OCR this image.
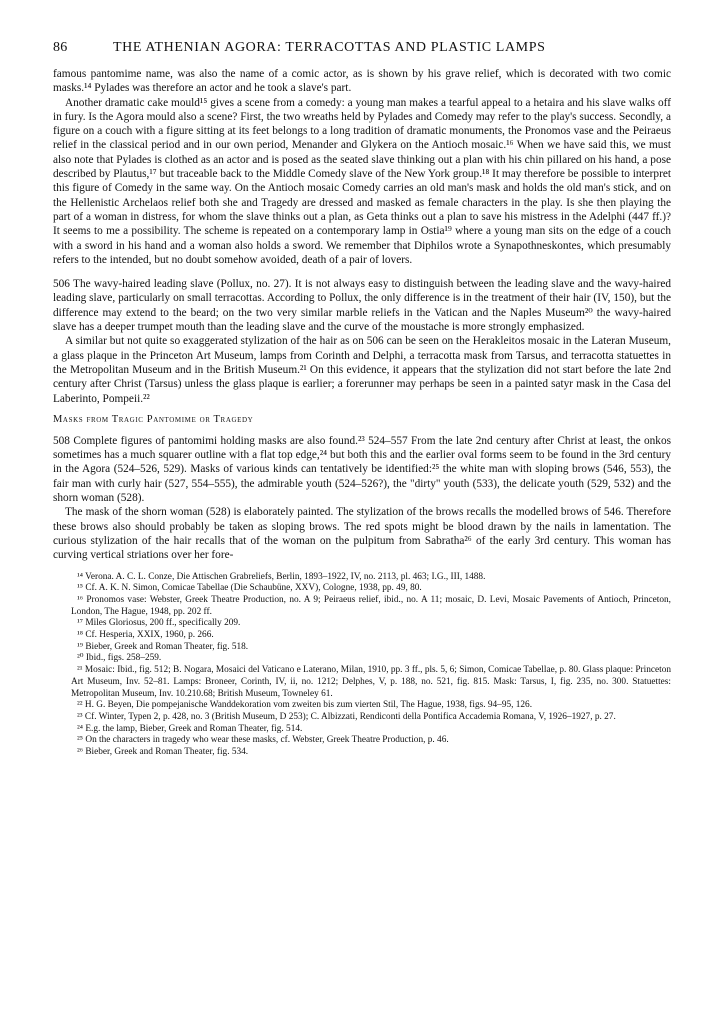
86	THE ATHENIAN AGORA: TERRACOTTAS AND PLASTIC LAMPS

famous pantomime name, was also the name of a comic actor, as is shown by his grave relief, which is decorated with two comic masks.¹⁴ Pylades was therefore an actor and he took a slave's part.

Another dramatic cake mould¹⁵ gives a scene from a comedy: a young man makes a tearful appeal to a hetaira and his slave walks off in fury. Is the Agora mould also a scene? First, the two wreaths held by Pylades and Comedy may refer to the play's success. Secondly, a figure on a couch with a figure sitting at its feet belongs to a long tradition of dramatic monuments, the Pronomos vase and the Peiraeus relief in the classical period and in our own period, Menander and Glykera on the Antioch mosaic.¹⁶ When we have said this, we must also note that Pylades is clothed as an actor and is posed as the seated slave thinking out a plan with his chin pillared on his hand, a pose described by Plautus,¹⁷ but traceable back to the Middle Comedy slave of the New York group.¹⁸ It may therefore be possible to interpret this figure of Comedy in the same way. On the Antioch mosaic Comedy carries an old man's mask and holds the old man's stick, and on the Hellenistic Archelaos relief both she and Tragedy are dressed and masked as female characters in the play. Is she then playing the part of a woman in distress, for whom the slave thinks out a plan, as Geta thinks out a plan to save his mistress in the Adelphi (447 ff.)? It seems to me a possibility. The scheme is repeated on a contemporary lamp in Ostia¹⁹ where a young man sits on the edge of a couch with a sword in his hand and a woman also holds a sword. We remember that Diphilos wrote a Synapothneskontes, which presumably refers to the intended, but no doubt somehow avoided, death of a pair of lovers.

506 The wavy-haired leading slave (Pollux, no. 27). It is not always easy to distinguish between the leading slave and the wavy-haired leading slave, particularly on small terracottas. According to Pollux, the only difference is in the treatment of their hair (IV, 150), but the difference may extend to the beard; on the two very similar marble reliefs in the Vatican and the Naples Museum²⁰ the wavy-haired slave has a deeper trumpet mouth than the leading slave and the curve of the moustache is more strongly emphasized.

A similar but not quite so exaggerated stylization of the hair as on 506 can be seen on the Herakleitos mosaic in the Lateran Museum, a glass plaque in the Princeton Art Museum, lamps from Corinth and Delphi, a terracotta mask from Tarsus, and terracotta statuettes in the Metropolitan Museum and in the British Museum.²¹ On this evidence, it appears that the stylization did not start before the late 2nd century after Christ (Tarsus) unless the glass plaque is earlier; a forerunner may perhaps be seen in a painted satyr mask in the Casa del Laberinto, Pompeii.²²

Masks from Tragic Pantomime or Tragedy

508 Complete figures of pantomimi holding masks are also found.²³ 524–557 From the late 2nd century after Christ at least, the onkos sometimes has a much squarer outline with a flat top edge,²⁴ but both this and the earlier oval forms seem to be found in the 3rd century in the Agora (524–526, 529). Masks of various kinds can tentatively be identified:²⁵ the white man with sloping brows (546, 553), the fair man with curly hair (527, 554–555), the admirable youth (524–526?), the "dirty" youth (533), the delicate youth (529, 532) and the shorn woman (528).

The mask of the shorn woman (528) is elaborately painted. The stylization of the brows recalls the modelled brows of 546. Therefore these brows also should probably be taken as sloping brows. The red spots might be blood drawn by the nails in lamentation. The curious stylization of the hair recalls that of the woman on the pulpitum from Sabratha²⁶ of the early 3rd century. This woman has curving vertical striations over her fore-

¹⁴ Verona. A. C. L. Conze, Die Attischen Grabreliefs, Berlin, 1893–1922, IV, no. 2113, pl. 463; I.G., III, 1488.

¹⁵ Cf. A. K. N. Simon, Comicae Tabellae (Die Schaubüne, XXV), Cologne, 1938, pp. 49, 80.

¹⁶ Pronomos vase: Webster, Greek Theatre Production, no. A 9; Peiraeus relief, ibid., no. A 11; mosaic, D. Levi, Mosaic Pavements of Antioch, Princeton, London, The Hague, 1948, pp. 202 ff.

¹⁷ Miles Gloriosus, 200 ff., specifically 209.

¹⁸ Cf. Hesperia, XXIX, 1960, p. 266.

¹⁹ Bieber, Greek and Roman Theater, fig. 518.

²⁰ Ibid., figs. 258–259.

²¹ Mosaic: Ibid., fig. 512; B. Nogara, Mosaici del Vaticano e Laterano, Milan, 1910, pp. 3 ff., pls. 5, 6; Simon, Comicae Tabellae, p. 80. Glass plaque: Princeton Art Museum, Inv. 52–81. Lamps: Broneer, Corinth, IV, ii, no. 1212; Delphes, V, p. 188, no. 521, fig. 815. Mask: Tarsus, I, fig. 235, no. 300. Statuettes: Metropolitan Museum, Inv. 10.210.68; British Museum, Towneley 61.

²² H. G. Beyen, Die pompejanische Wanddekoration vom zweiten bis zum vierten Stil, The Hague, 1938, figs. 94–95, 126.

²³ Cf. Winter, Typen 2, p. 428, no. 3 (British Museum, D 253); C. Albizzati, Rendiconti della Pontifica Accademia Romana, V, 1926–1927, p. 27.

²⁴ E.g. the lamp, Bieber, Greek and Roman Theater, fig. 514.

²⁵ On the characters in tragedy who wear these masks, cf. Webster, Greek Theatre Production, p. 46.

²⁶ Bieber, Greek and Roman Theater, fig. 534.
